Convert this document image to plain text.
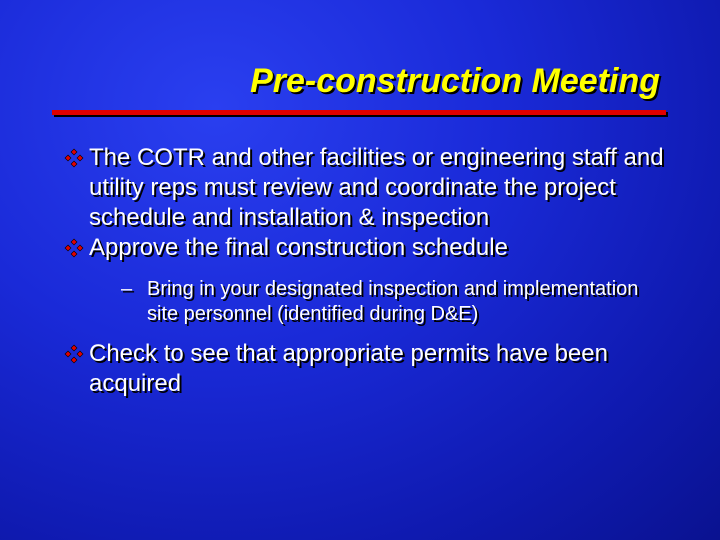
Pre-construction Meeting
The COTR and other facilities or engineering staff and utility reps must review and coordinate the project schedule and installation & inspection
Approve the final construction schedule
– Bring in your designated inspection and implementation site personnel (identified during D&E)
Check to see that appropriate permits have been acquired
